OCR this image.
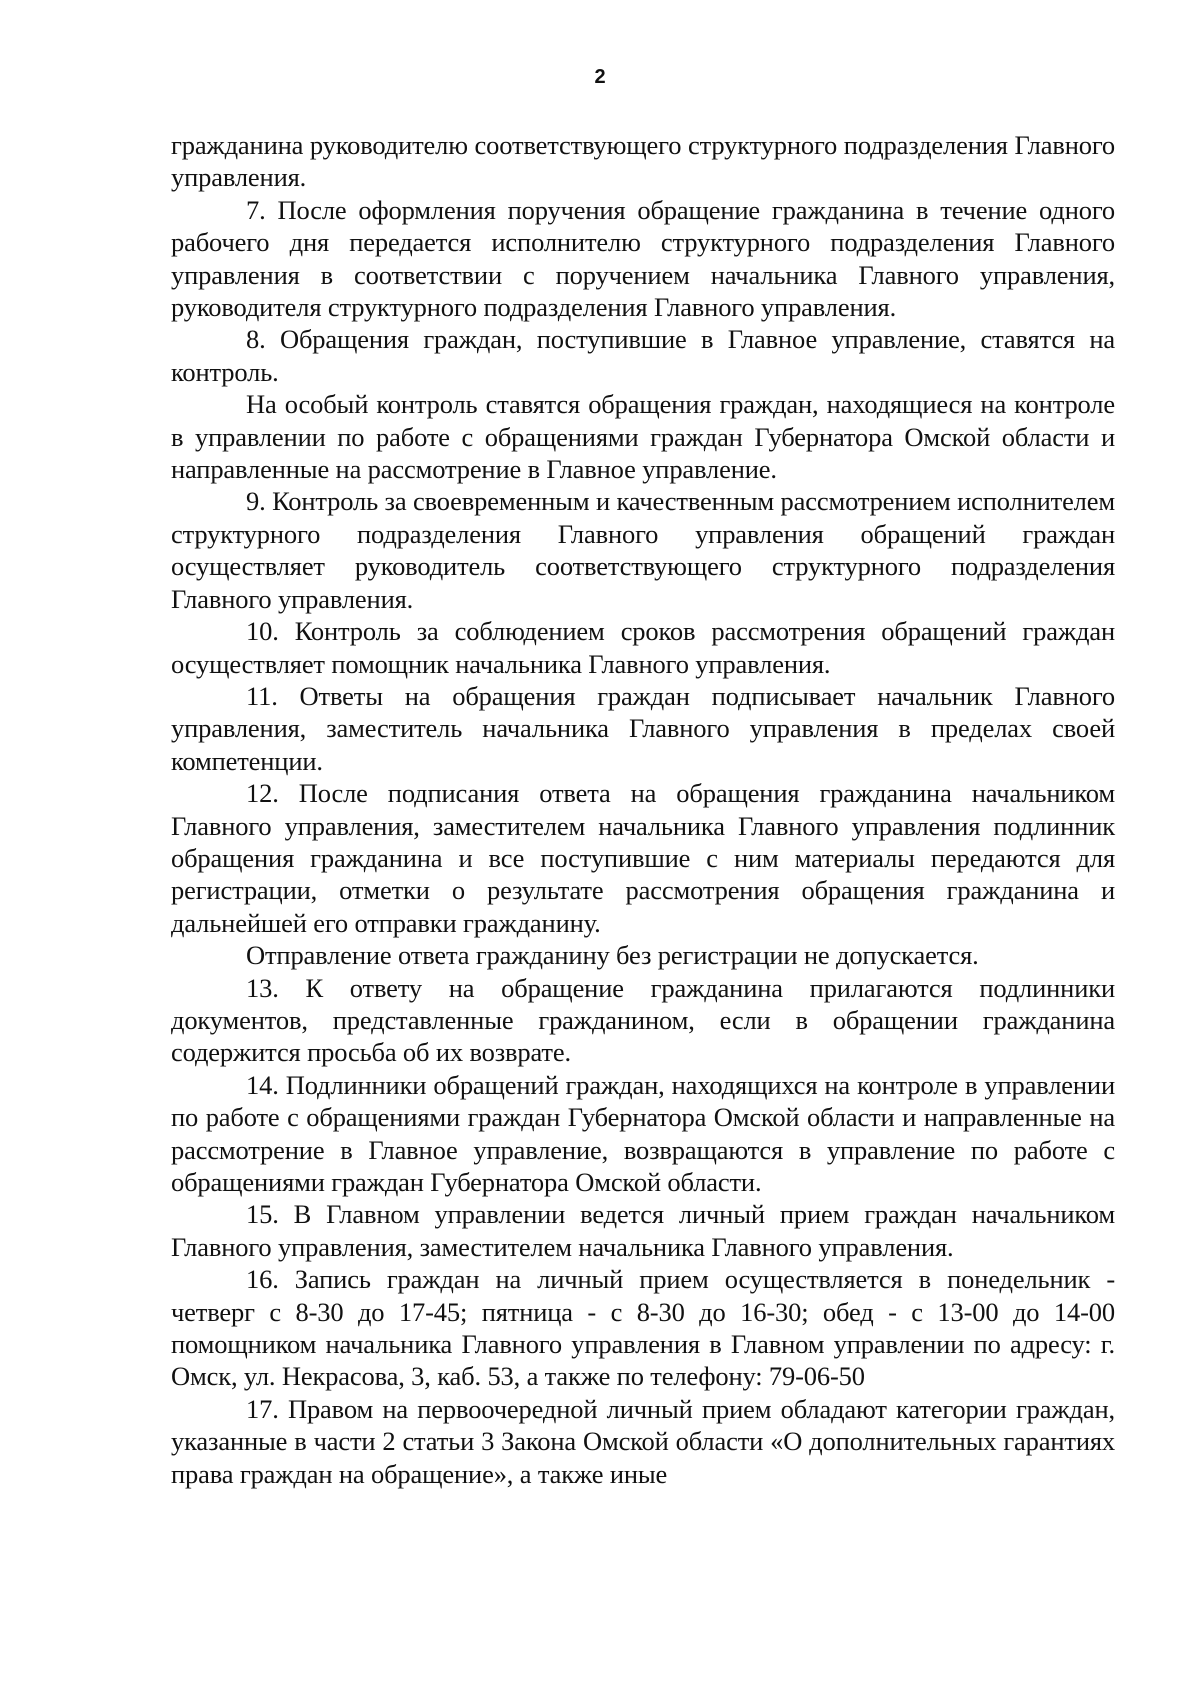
2

гражданина руководителю соответствующего структурного подразделения Главного управления.

7. После оформления поручения обращение гражданина в течение одного рабочего дня передается исполнителю структурного подразделения Главного управления в соответствии с поручением начальника Главного управления, руководителя структурного подразделения Главного управления.

8. Обращения граждан, поступившие в Главное управление, ставятся на контроль.

На особый контроль ставятся обращения граждан, находящиеся на контроле в управлении по работе с обращениями граждан Губернатора Омской области и направленные на рассмотрение в Главное управление.

9. Контроль за своевременным и качественным рассмотрением исполнителем структурного подразделения Главного управления обращений граждан осуществляет руководитель соответствующего структурного подразделения Главного управления.

10. Контроль за соблюдением сроков рассмотрения обращений граждан осуществляет помощник начальника Главного управления.

11. Ответы на обращения граждан подписывает начальник Главного управления, заместитель начальника Главного управления в пределах своей компетенции.

12. После подписания ответа на обращения гражданина начальником Главного управления, заместителем начальника Главного управления подлинник обращения гражданина и все поступившие с ним материалы передаются для регистрации, отметки о результате рассмотрения обращения гражданина и дальнейшей его отправки гражданину.

Отправление ответа гражданину без регистрации не допускается.

13. К ответу на обращение гражданина прилагаются подлинники документов, представленные гражданином, если в обращении гражданина содержится просьба об их возврате.

14. Подлинники обращений граждан, находящихся на контроле в управлении по работе с обращениями граждан Губернатора Омской области и направленные на рассмотрение в Главное управление, возвращаются в управление по работе с обращениями граждан Губернатора Омской области.

15. В Главном управлении ведется личный прием граждан начальником Главного управления, заместителем начальника Главного управления.

16. Запись граждан на личный прием осуществляется в понедельник - четверг с 8-30 до 17-45; пятница - с 8-30 до 16-30; обед - с 13-00 до 14-00 помощником начальника Главного управления в Главном управлении по адресу: г. Омск, ул. Некрасова, 3, каб. 53, а также по телефону: 79-06-50

17. Правом на первоочередной личный прием обладают категории граждан, указанные в части 2 статьи 3 Закона Омской области «О дополнительных гарантиях права граждан на обращение», а также иные
